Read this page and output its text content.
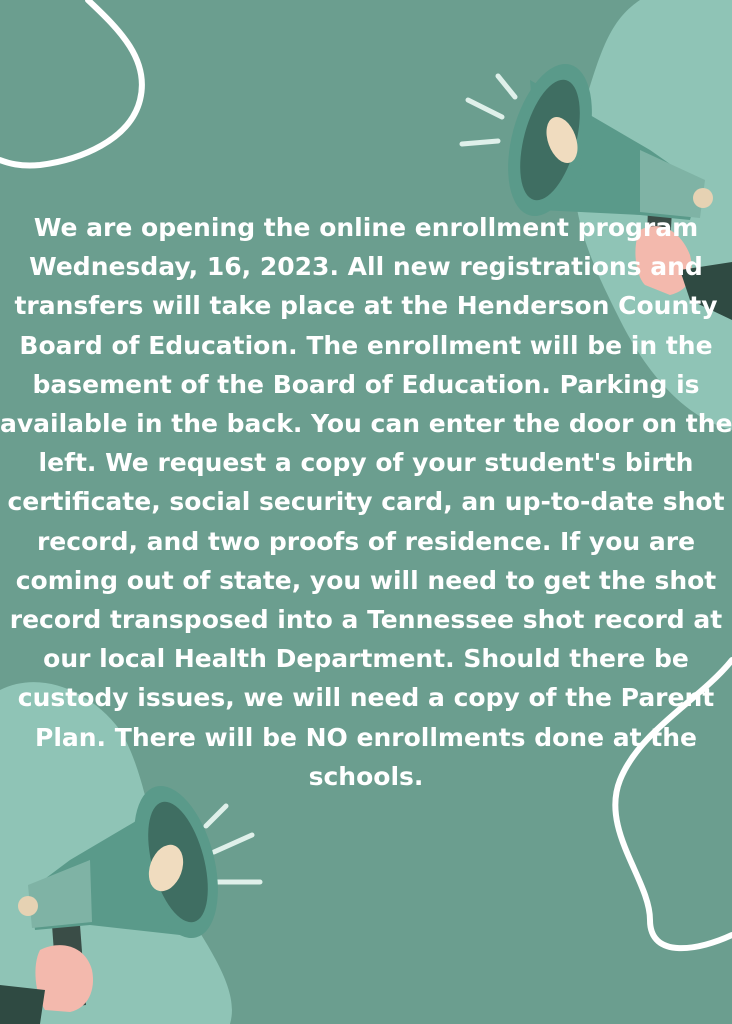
We are opening the online enrollment program
Wednesday, 16, 2023. All new registrations and
transfers will take place at the Henderson County
Board of Education. The enrollment will be in the
basement of the Board of Education. Parking is
available in the back. You can enter the door on the
left. We request a copy of your student's birth
certificate, social security card, an up-to-date shot
record, and two proofs of residence. If you are
coming out of state, you will need to get the shot
record transposed into a Tennessee shot record at
our local Health Department. Should there be
custody issues, we will need a copy of the Parent
Plan. There will be NO enrollments done at the
schools.
